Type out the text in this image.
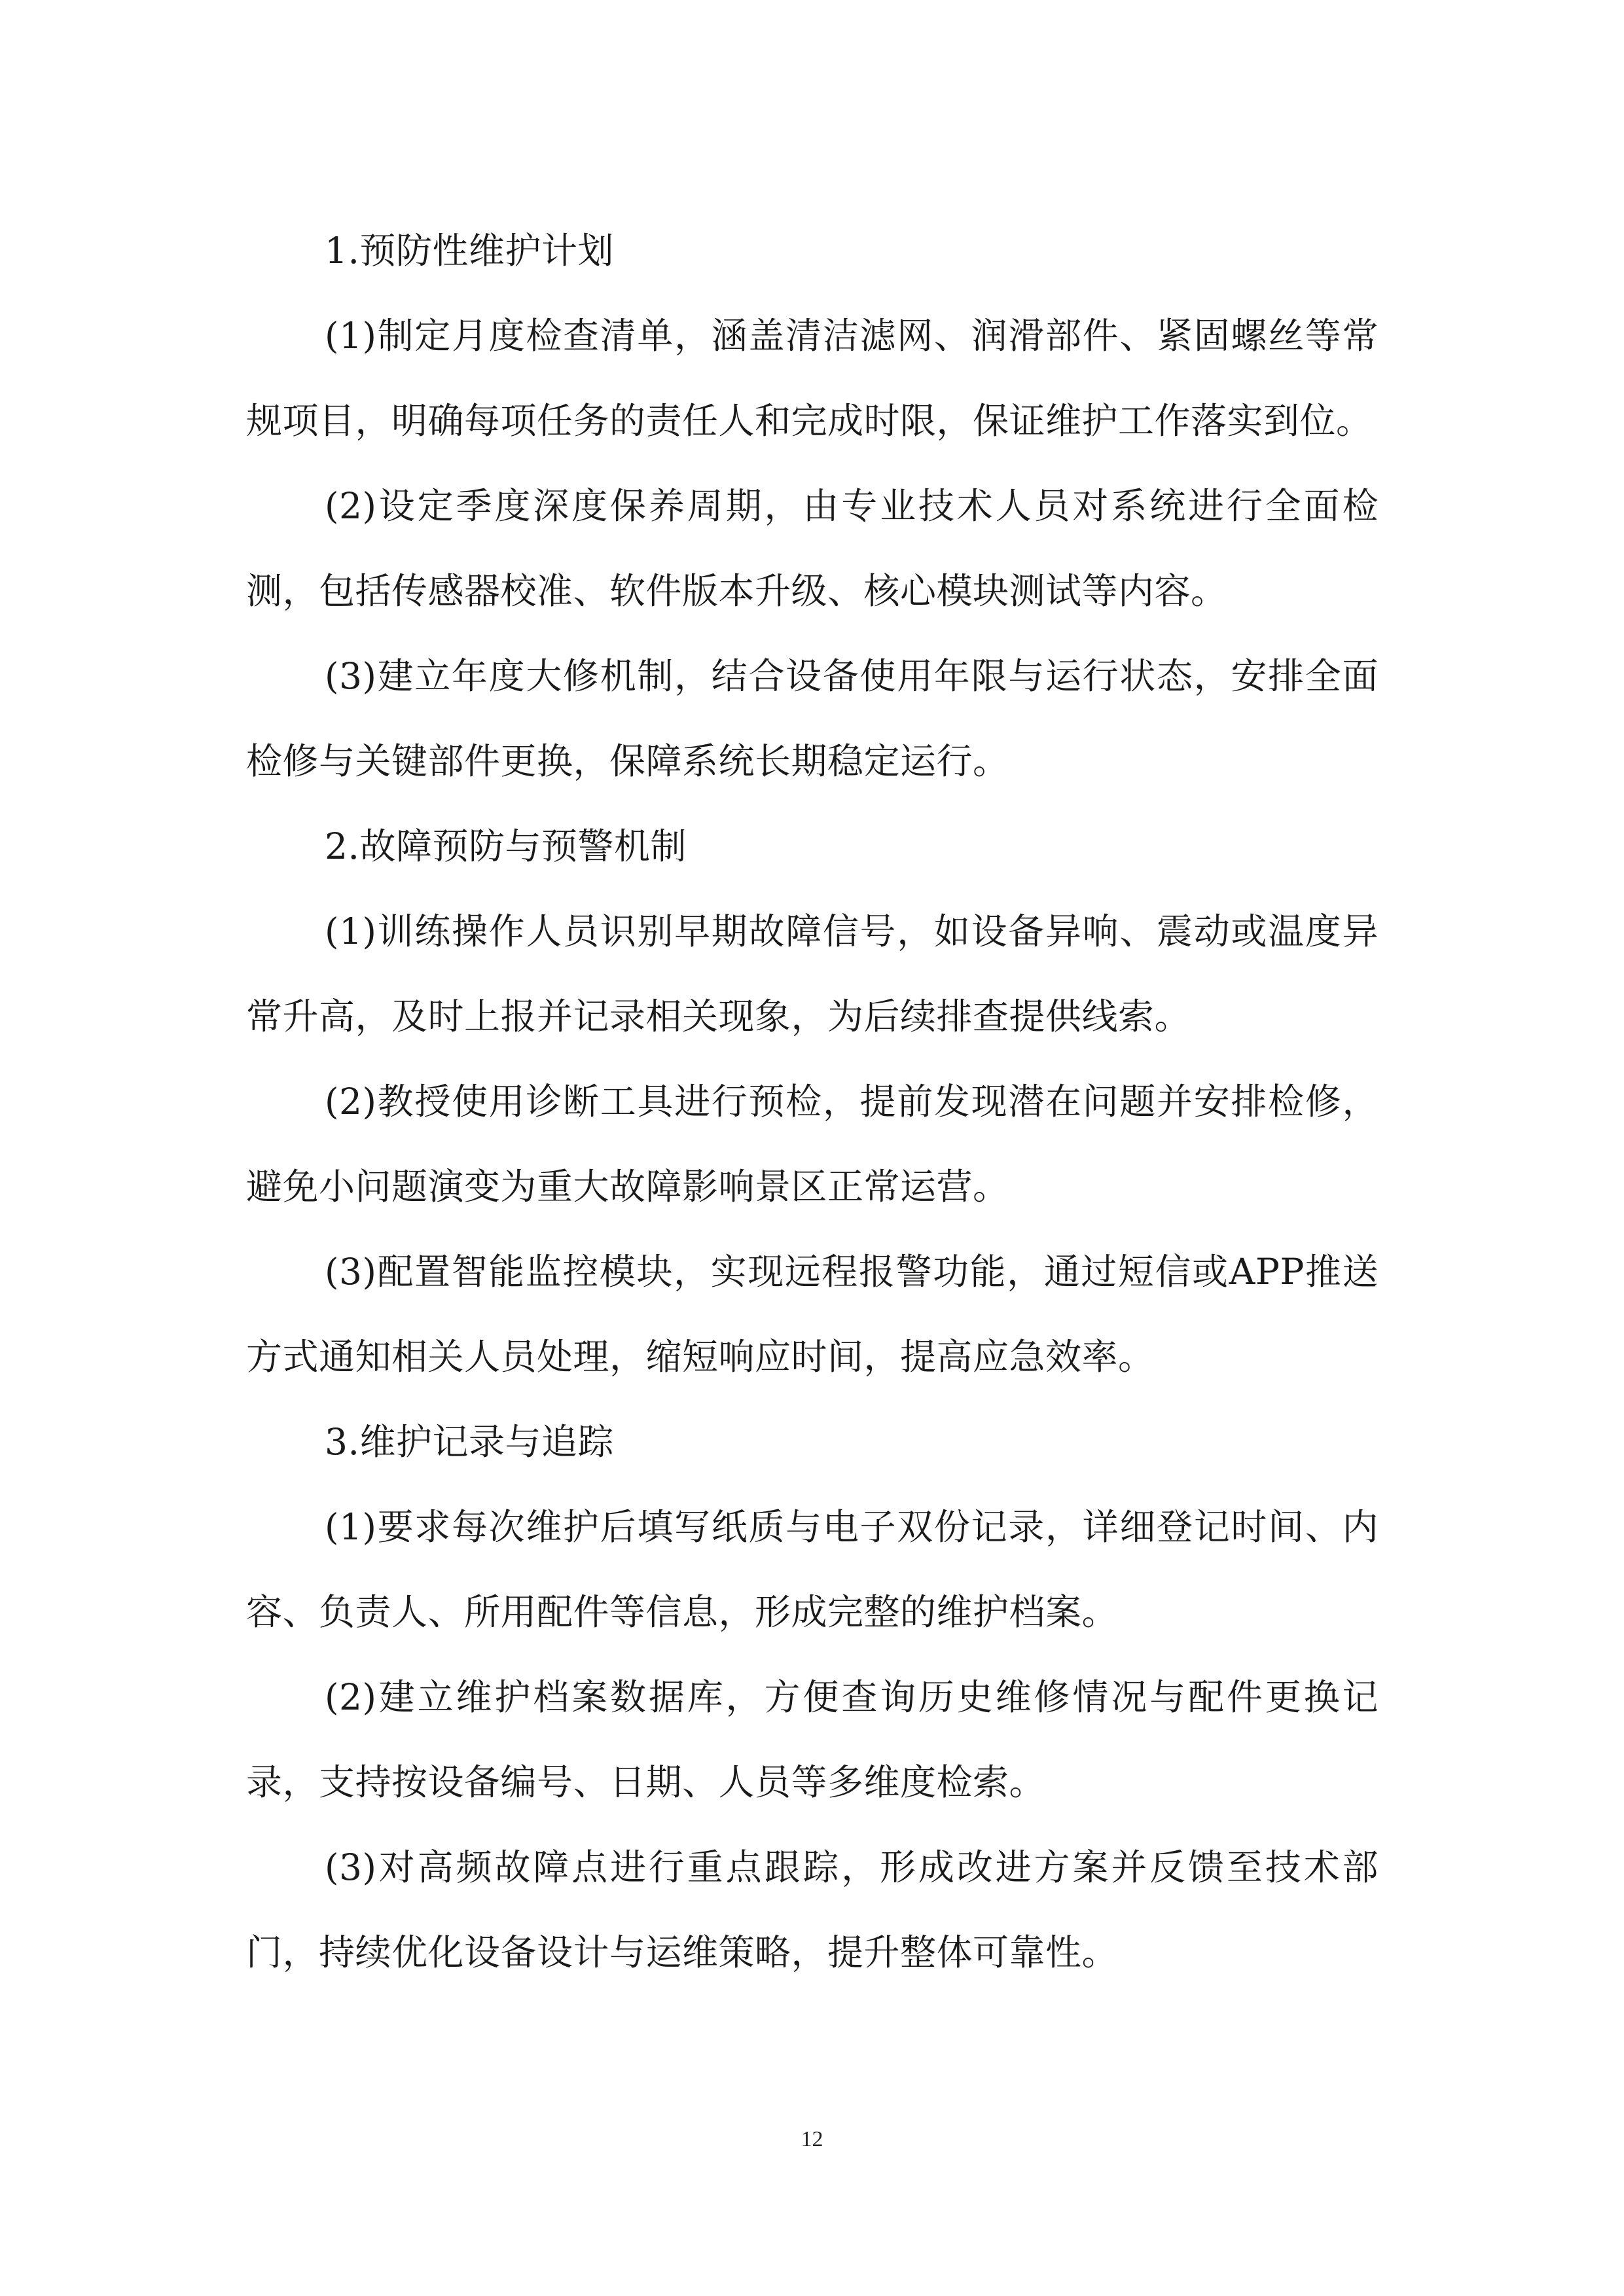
1.预防性维护计划

(1)制定月度检查清单，涵盖清洁滤网、润滑部件、紧固螺丝等常规项目，明确每项任务的责任人和完成时限，保证维护工作落实到位。

(2)设定季度深度保养周期，由专业技术人员对系统进行全面检测，包括传感器校准、软件版本升级、核心模块测试等内容。

(3)建立年度大修机制，结合设备使用年限与运行状态，安排全面检修与关键部件更换，保障系统长期稳定运行。

2.故障预防与预警机制

(1)训练操作人员识别早期故障信号，如设备异响、震动或温度异常升高，及时上报并记录相关现象，为后续排查提供线索。

(2)教授使用诊断工具进行预检，提前发现潜在问题并安排检修，避免小问题演变为重大故障影响景区正常运营。

(3)配置智能监控模块，实现远程报警功能，通过短信或APP推送方式通知相关人员处理，缩短响应时间，提高应急效率。

3.维护记录与追踪

(1)要求每次维护后填写纸质与电子双份记录，详细登记时间、内容、负责人、所用配件等信息，形成完整的维护档案。

(2)建立维护档案数据库，方便查询历史维修情况与配件更换记录，支持按设备编号、日期、人员等多维度检索。

(3)对高频故障点进行重点跟踪，形成改进方案并反馈至技术部门，持续优化设备设计与运维策略，提升整体可靠性。

12
